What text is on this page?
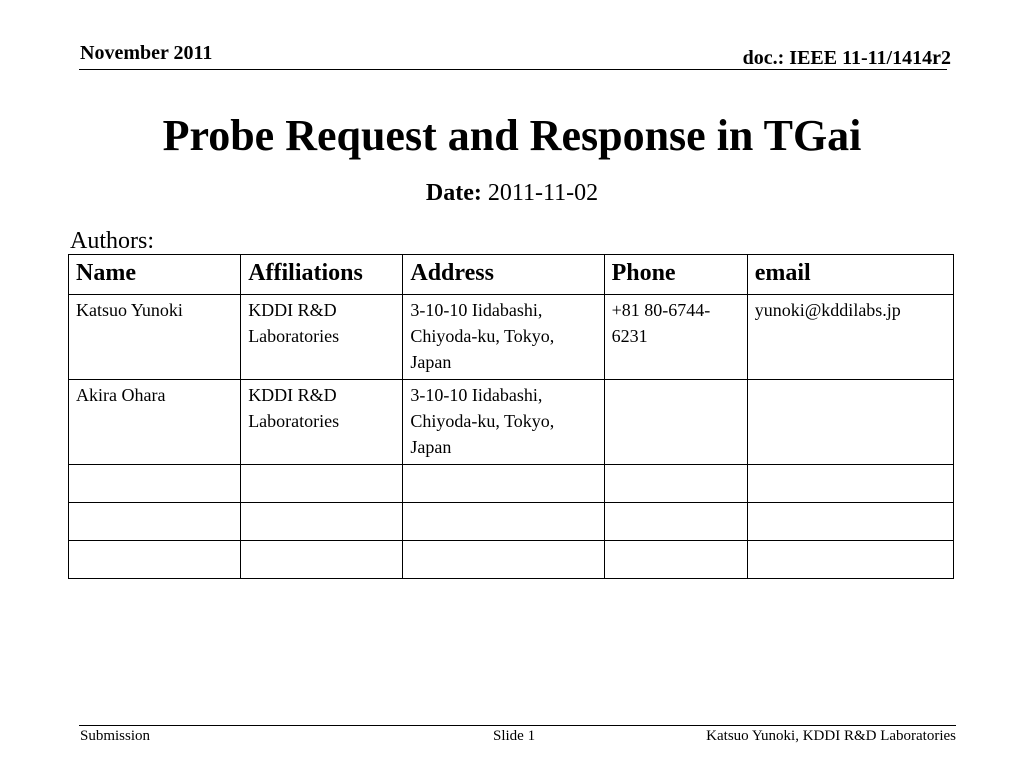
November 2011	doc.: IEEE 11-11/1414r2
Probe Request and Response in TGai
Date: 2011-11-02
Authors:
Name	Affiliations	Address	Phone	email
Katsuo Yunoki	KDDI R&D Laboratories	3-10-10 Iidabashi, Chiyoda-ku, Tokyo, Japan	+81 80-6744-6231	yunoki@kddilabs.jp
Akira Ohara	KDDI R&D Laboratories	3-10-10 Iidabashi, Chiyoda-ku, Tokyo, Japan		

Submission	Slide 1	Katsuo Yunoki, KDDI R&D Laboratories
